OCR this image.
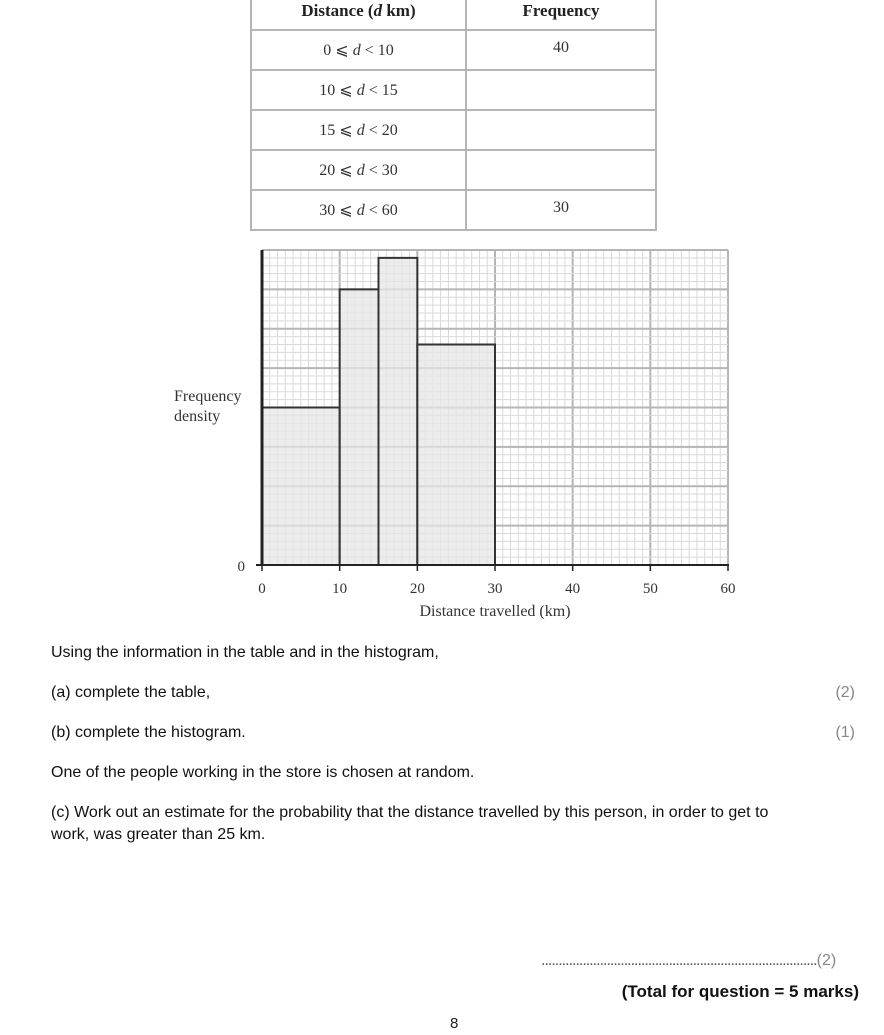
Distance (d km)	Frequency
0 ⩽ d < 10	40
10 ⩽ d < 15	
15 ⩽ d < 20	
20 ⩽ d < 30	
30 ⩽ d < 60	30
Frequency density
0	10	20	30	40	50	60
0
Distance travelled (km)
Using the information in the table and in the histogram,
(a) complete the table,	(2)
(b) complete the histogram.	(1)
One of the people working in the store is chosen at random.
(c) Work out an estimate for the probability that the distance travelled by this person, in order to get to
work, was greater than 25 km.
................................................................................(2)
(Total for question = 5 marks)
8
